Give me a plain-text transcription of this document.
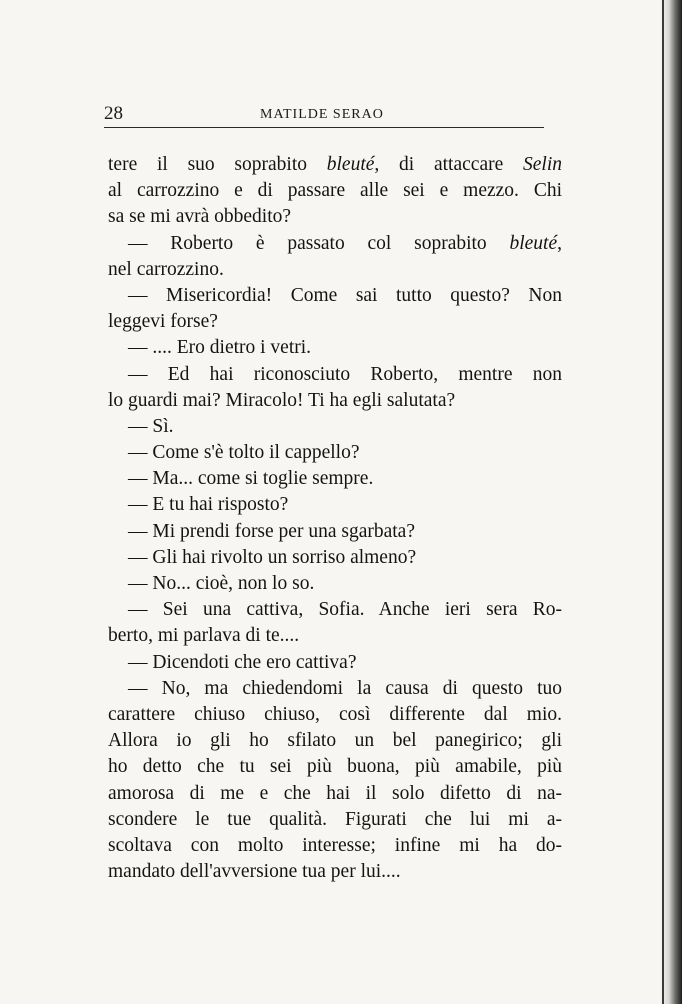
28	MATILDE SERAO
tere il suo soprabito bleuté, di attaccare Selin
al carrozzino e di passare alle sei e mezzo. Chi
sa se mi avrà obbedito?
— Roberto è passato col soprabito bleuté,
nel carrozzino.
— Misericordia! Come sai tutto questo? Non
leggevi forse?
— .... Ero dietro i vetri.
— Ed hai riconosciuto Roberto, mentre non
lo guardi mai? Miracolo! Ti ha egli salutata?
— Sì.
— Come s'è tolto il cappello?
— Ma... come si toglie sempre.
— E tu hai risposto?
— Mi prendi forse per una sgarbata?
— Gli hai rivolto un sorriso almeno?
— No... cioè, non lo so.
— Sei una cattiva, Sofia. Anche ieri sera Ro-
berto, mi parlava di te....
— Dicendoti che ero cattiva?
— No, ma chiedendomi la causa di questo tuo
carattere chiuso chiuso, così differente dal mio.
Allora io gli ho sfilato un bel panegirico; gli
ho detto che tu sei più buona, più amabile, più
amorosa di me e che hai il solo difetto di na-
scondere le tue qualità. Figurati che lui mi a-
scoltava con molto interesse; infine mi ha do-
mandato dell'avversione tua per lui....
